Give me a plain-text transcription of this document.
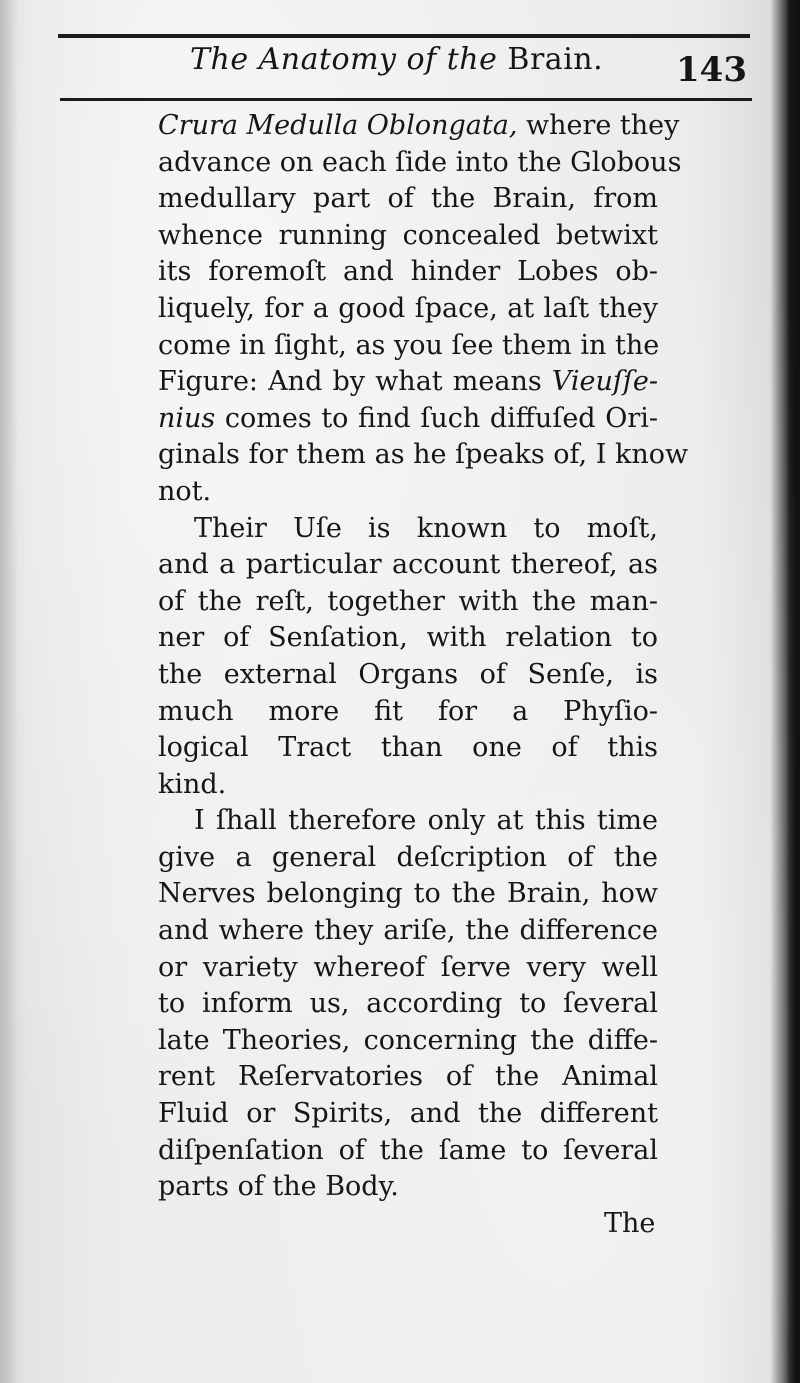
The Anatomy of the Brain. 143
Crura Medulla Oblongata, where they
advance on each ſide into the Globous
medullary part of the Brain, from
whence running concealed betwixt
its foremoſt and hinder Lobes ob-
liquely, for a good ſpace, at laſt they
come in ſight, as you ſee them in the
Figure: And by what means Vieuſſe-
nius comes to find ſuch diffuſed Ori-
ginals for them as he ſpeaks of, I know
not.
Their Uſe is known to moſt,
and a particular account thereof, as
of the reſt, together with the man-
ner of Senſation, with relation to
the external Organs of Senſe, is
much more fit for a Phyſio-
logical Tract than one of this
kind.
I ſhall therefore only at this time
give a general deſcription of the
Nerves belonging to the Brain, how
and where they ariſe, the difference
or variety whereof ſerve very well
to inform us, according to ſeveral
late Theories, concerning the diffe-
rent Reſervatories of the Animal
Fluid or Spirits, and the different
diſpenſation of the ſame to ſeveral
parts of the Body.
The
